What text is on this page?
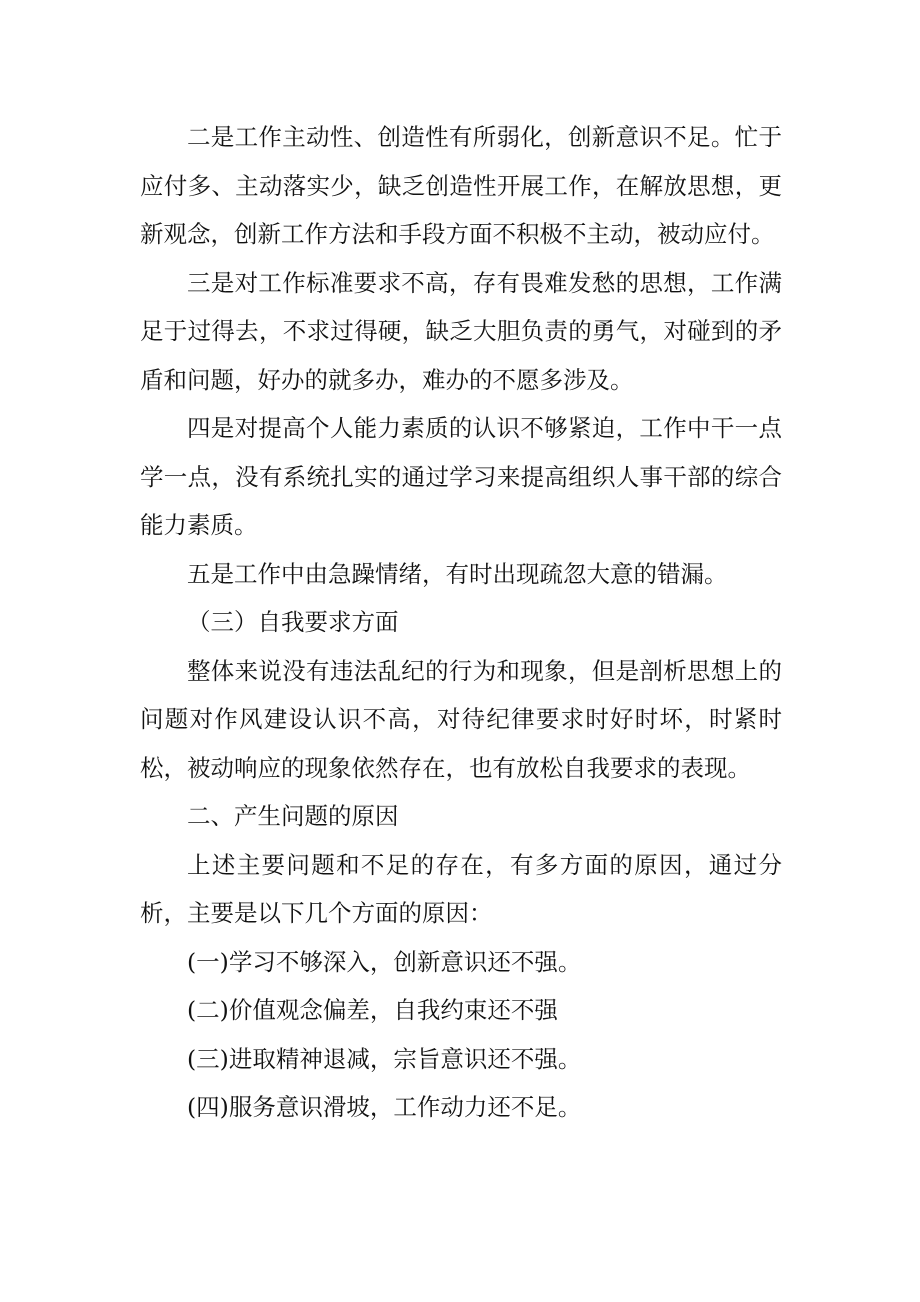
二是工作主动性、创造性有所弱化，创新意识不足。忙于应付多、主动落实少，缺乏创造性开展工作，在解放思想，更新观念，创新工作方法和手段方面不积极不主动，被动应付。

三是对工作标准要求不高，存有畏难发愁的思想，工作满足于过得去，不求过得硬，缺乏大胆负责的勇气，对碰到的矛盾和问题，好办的就多办，难办的不愿多涉及。

四是对提高个人能力素质的认识不够紧迫，工作中干一点学一点，没有系统扎实的通过学习来提高组织人事干部的综合能力素质。

五是工作中由急躁情绪，有时出现疏忽大意的错漏。

（三）自我要求方面

整体来说没有违法乱纪的行为和现象，但是剖析思想上的问题对作风建设认识不高，对待纪律要求时好时坏，时紧时松，被动响应的现象依然存在，也有放松自我要求的表现。

二、产生问题的原因

上述主要问题和不足的存在，有多方面的原因，通过分析，主要是以下几个方面的原因：

(一)学习不够深入，创新意识还不强。

(二)价值观念偏差，自我约束还不强

(三)进取精神退减，宗旨意识还不强。

(四)服务意识滑坡，工作动力还不足。
